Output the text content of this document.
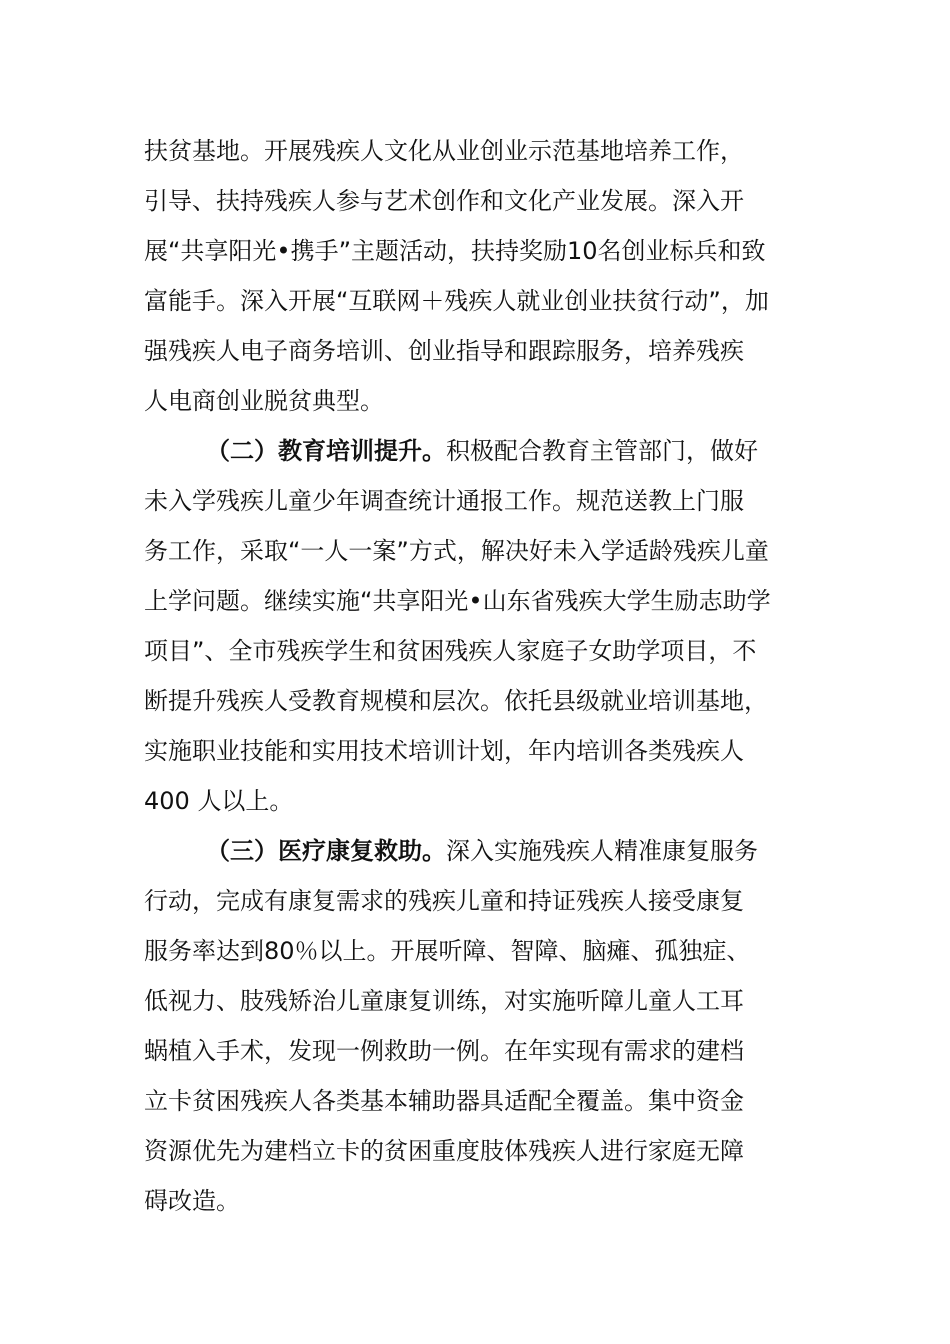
扶贫基地。开展残疾人文化从业创业示范基地培养工作，
引导、扶持残疾人参与艺术创作和文化产业发展。深入开
展“共享阳光•携手”主题活动，扶持奖励10名创业标兵和致
富能手。深入开展“互联网＋残疾人就业创业扶贫行动”，加
强残疾人电子商务培训、创业指导和跟踪服务，培养残疾
人电商创业脱贫典型。
（二）教育培训提升。积极配合教育主管部门，做好
未入学残疾儿童少年调查统计通报工作。规范送教上门服
务工作，采取“一人一案”方式，解决好未入学适龄残疾儿童
上学问题。继续实施“共享阳光•山东省残疾大学生励志助学
项目”、全市残疾学生和贫困残疾人家庭子女助学项目，不
断提升残疾人受教育规模和层次。依托县级就业培训基地，
实施职业技能和实用技术培训计划，年内培训各类残疾人
400 人以上。
（三）医疗康复救助。深入实施残疾人精准康复服务
行动，完成有康复需求的残疾儿童和持证残疾人接受康复
服务率达到80％以上。开展听障、智障、脑瘫、孤独症、
低视力、肢残矫治儿童康复训练，对实施听障儿童人工耳
蜗植入手术，发现一例救助一例。在年实现有需求的建档
立卡贫困残疾人各类基本辅助器具适配全覆盖。集中资金
资源优先为建档立卡的贫困重度肢体残疾人进行家庭无障
碍改造。
